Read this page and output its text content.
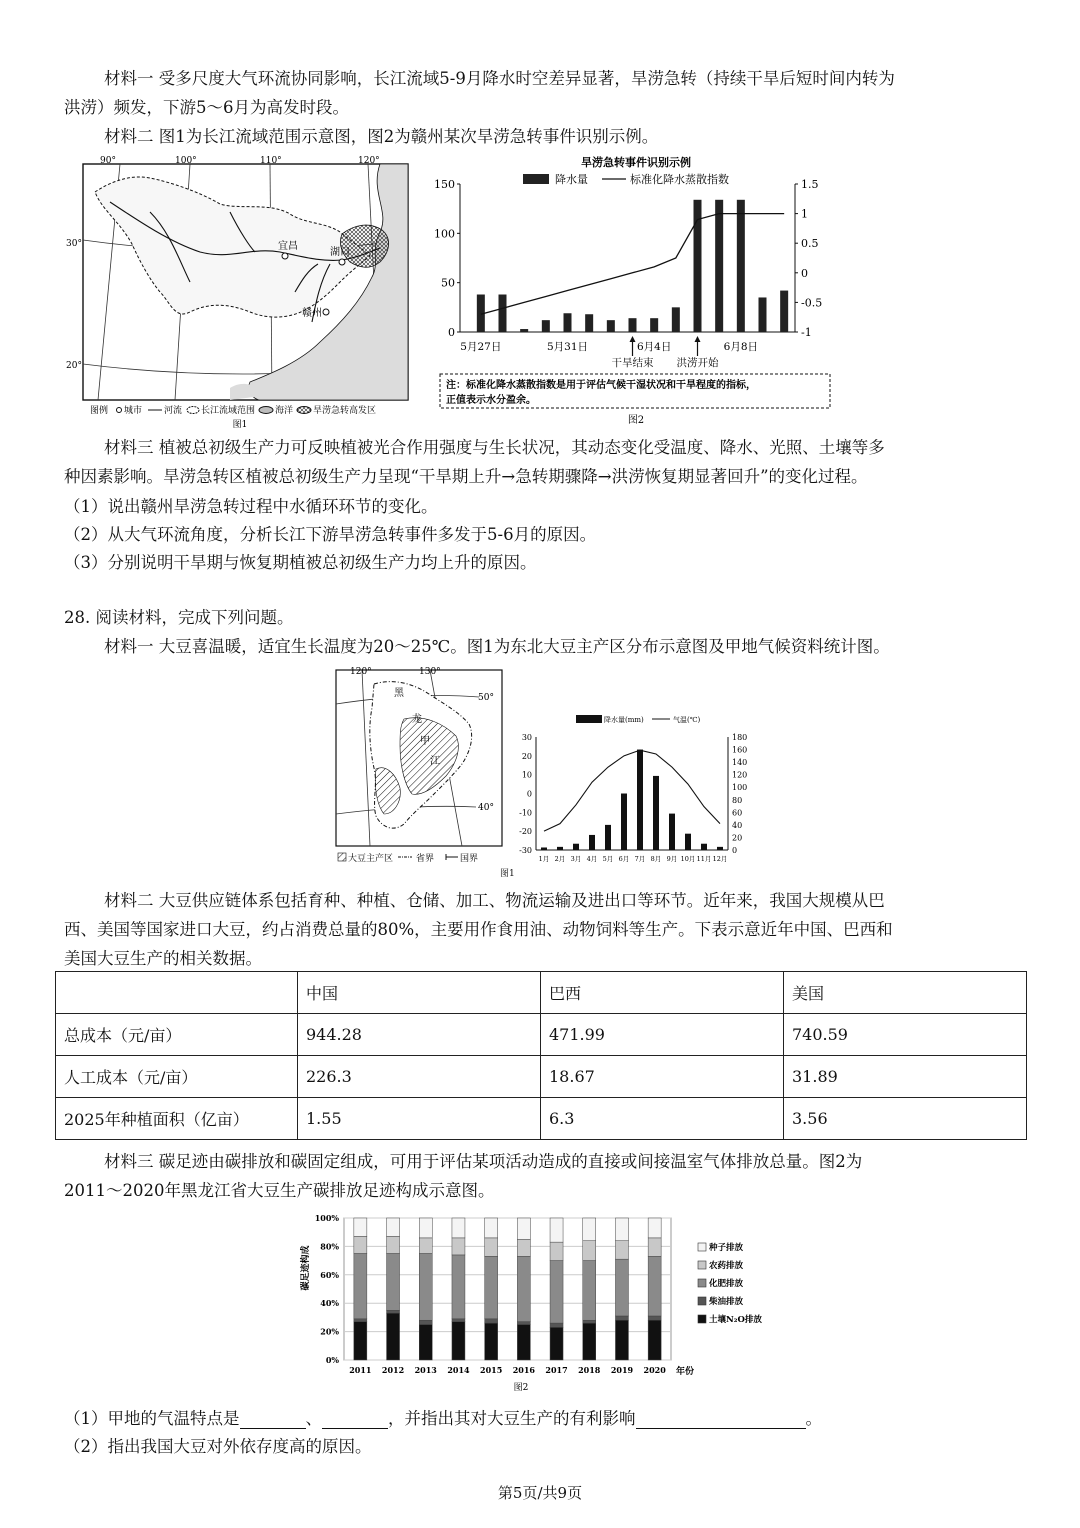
材料一 受多尺度大气环流协同影响，长江流域5-9月降水时空差异显著，旱涝急转（持续干旱后短时间内转为
洪涝）频发，下游5～6月为高发时段。
材料二 图1为长江流域范围示意图，图2为赣州某次旱涝急转事件识别示例。
90°	100°	110°	120°
30°
20°
宜昌
湖口
赣州
图例 城市 河流 长江流域范围 海洋 旱涝急转高发区
图1
旱涝急转事件识别示例
降水量	标准化降水蒸散指数
150
100
50
0
1.5
1
0.5
0
-0.5
-1
5月27日	5月31日	6月4日	6月8日
干旱结束 洪涝开始
注：标准化降水蒸散指数是用于评估气候干湿状况和干旱程度的指标，
正值表示水分盈余。
图2
材料三 植被总初级生产力可反映植被光合作用强度与生长状况，其动态变化受温度、降水、光照、土壤等多
种因素影响。旱涝急转区植被总初级生产力呈现“干旱期上升→急转期骤降→洪涝恢复期显著回升”的变化过程。
（1）说出赣州旱涝急转过程中水循环环节的变化。
（2）从大气环流角度，分析长江下游旱涝急转事件多发于5-6月的原因。
（3）分别说明干旱期与恢复期植被总初级生产力均上升的原因。
28. 阅读材料，完成下列问题。
材料一 大豆喜温暖，适宜生长温度为20～25℃。图1为东北大豆主产区分布示意图及甲地气候资料统计图。
120°	130°
50°
40°
黑
龙
甲
江
大豆主产区	省界	国界
降水量(mm)	气温(℃)
30
20
10
0
-10
-20
-30	0
20
40
60
80
100
120
140
160
180
1月 2月 3月 4月 5月 6月 7月 8月 9月 10月 11月 12月
图1
材料二 大豆供应链体系包括育种、种植、仓储、加工、物流运输及进出口等环节。近年来，我国大规模从巴
西、美国等国家进口大豆，约占消费总量的80%，主要用作食用油、动物饲料等生产。下表示意近年中国、巴西和
美国大豆生产的相关数据。
	中国	巴西	美国
总成本（元/亩）	944.28	471.99	740.59
人工成本（元/亩）	226.3	18.67	31.89
2025年种植面积（亿亩）	1.55	6.3	3.56
材料三 碳足迹由碳排放和碳固定组成，可用于评估某项活动造成的直接或间接温室气体排放总量。图2为
2011～2020年黑龙江省大豆生产碳排放足迹构成示意图。
碳足迹构成
100%
80%
60%
40%
20%
0%
2011 2012 2013 2014 2015 2016 2017 2018 2019 2020
种子排放
农药排放
化肥排放
柴油排放
土壤N₂O排放
年份
图2
（1）甲地的气温特点是	、	，并指出其对大豆生产的有利影响	。
（2）指出我国大豆对外依存度高的原因。
第5页/共9页
